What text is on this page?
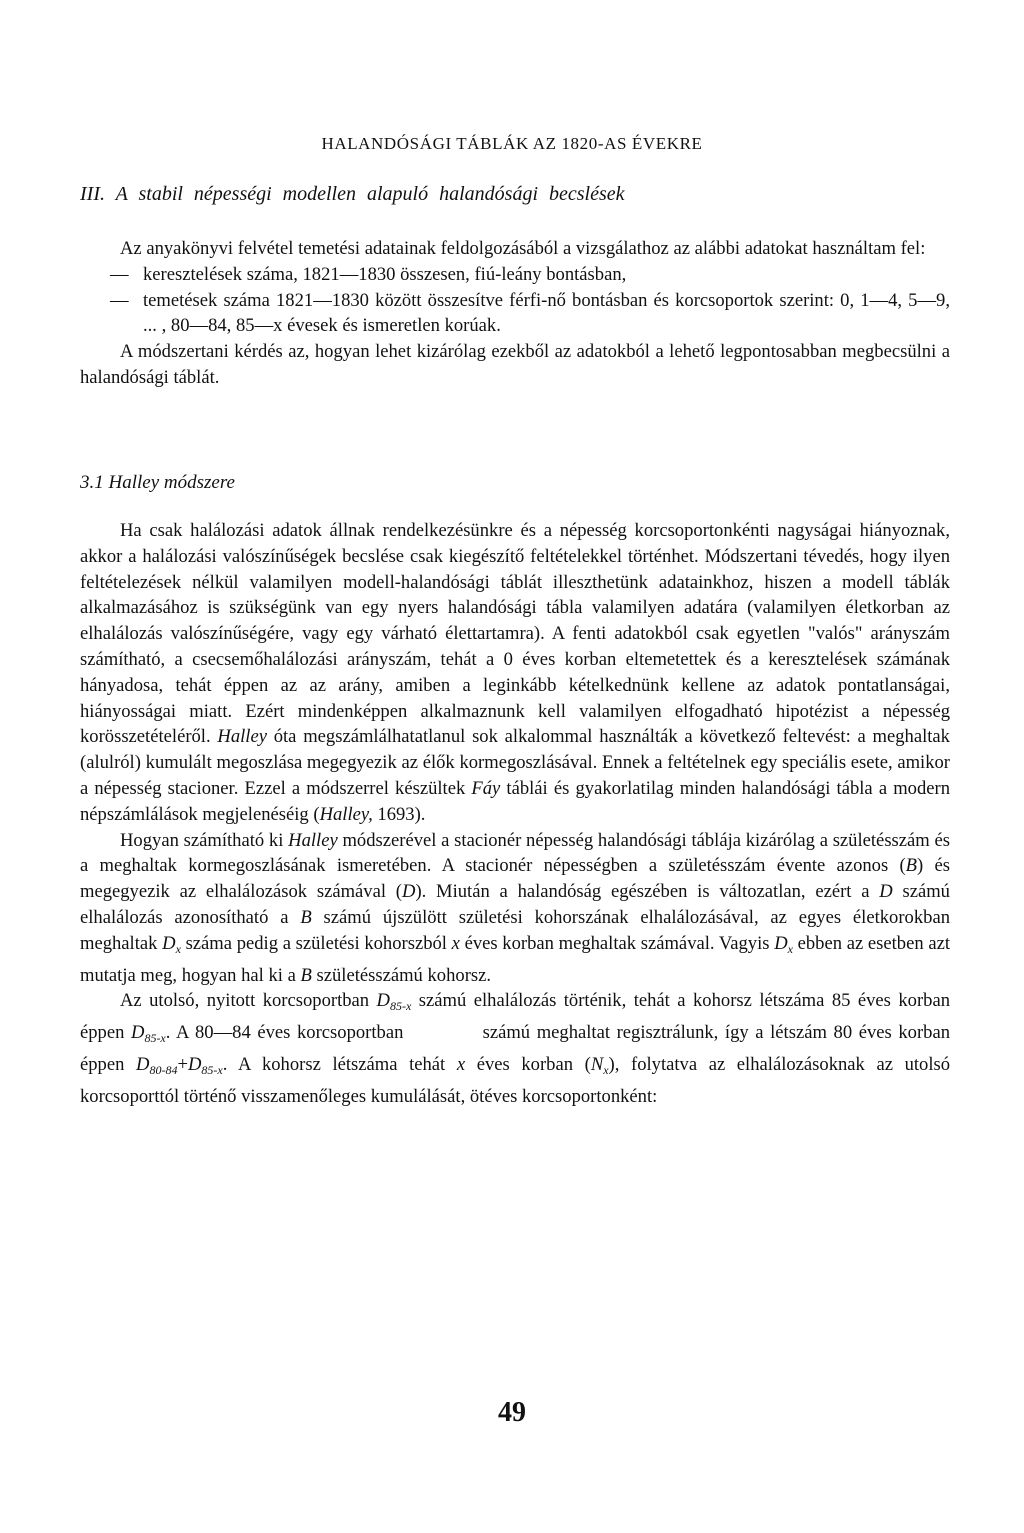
HALANDÓSÁGI TÁBLÁK AZ 1820-AS ÉVEKRE
III. A stabil népességi modellen alapuló halandósági becslések

Az anyakönyvi felvétel temetési adatainak feldolgozásából a vizsgálathoz az alábbi adatokat használtam fel:

— keresztelések száma, 1821—1830 összesen, fiú-leány bontásban,
— temetések száma 1821—1830 között összesítve férfi-nő bontásban és korcsoportok szerint: 0, 1—4, 5—9, ... , 80—84, 85—x évesek és ismeretlen korúak.

A módszertani kérdés az, hogyan lehet kizárólag ezekből az adatokból a lehető legpontosabban megbecsülni a halandósági táblát.

3.1 Halley módszere

Ha csak halálozási adatok állnak rendelkezésünkre és a népesség korcsoportonkénti nagyságai hiányoznak, akkor a halálozási valószínűségek becslése csak kiegészítő feltételekkel történhet. Módszertani tévedés, hogy ilyen feltételezések nélkül valamilyen modell-halandósági táblát illeszthetünk adatainkhoz, hiszen a modell táblák alkalmazásához is szükségünk van egy nyers halandósági tábla valamilyen adatára (valamilyen életkorban az elhalálozás valószínűségére, vagy egy várható élettartamra). A fenti adatokból csak egyetlen "valós" arányszám számítható, a csecsemőhalálozási arányszám, tehát a 0 éves korban eltemetettek és a keresztelések számának hányadosa, tehát éppen az az arány, amiben a leginkább kételkednünk kellene az adatok pontatlanságai, hiányosságai miatt. Ezért mindenképpen alkalmaznunk kell valamilyen elfogadható hipotézist a népesség korösszetételéről. Halley óta megszámlálhatatlanul sok alkalommal használták a következő feltevést: a meghaltak (alulról) kumulált megoszlása megegyezik az élők kormegoszlásával. Ennek a feltételnek egy speciális esete, amikor a népesség stacioner. Ezzel a módszerrel készültek Fáy táblái és gyakorlatilag minden halandósági tábla a modern népszámlálások megjelenéséig (Halley, 1693).

Hogyan számítható ki Halley módszerével a stacionér népesség halandósági táblája kizárólag a születésszám és a meghaltak kormegoszlásának ismeretében. A stacionér népességben a születésszám évente azonos (B) és megegyezik az elhalálozások számával (D). Miután a halandóság egészében is változatlan, ezért a D számú elhalálozás azonosítható a B számú újszülött születési kohorszának elhalálozásával, az egyes életkorokban meghaltak $D_x$ száma pedig a születési kohorszból x éves korban meghaltak számával. Vagyis $D_x$ ebben az esetben azt mutatja meg, hogyan hal ki a B születésszámú kohorsz.

Az utolsó, nyitott korcsoportban $D_{85-x}$ számú elhalálozás történik, tehát a kohorsz létszáma 85 éves korban éppen $D_{85-x}$. A 80—84 éves korcsoportban            számú meghaltat regisztrálunk, így a létszám 80 éves korban éppen $D_{80-84}+D_{85-x}$. A kohorsz létszáma tehát x éves korban $(N_x)$, folytatva az elhalálozásoknak az utolsó korcsoporttól történő visszamenőleges kumulálását, ötéves korcsoportonként:

49
